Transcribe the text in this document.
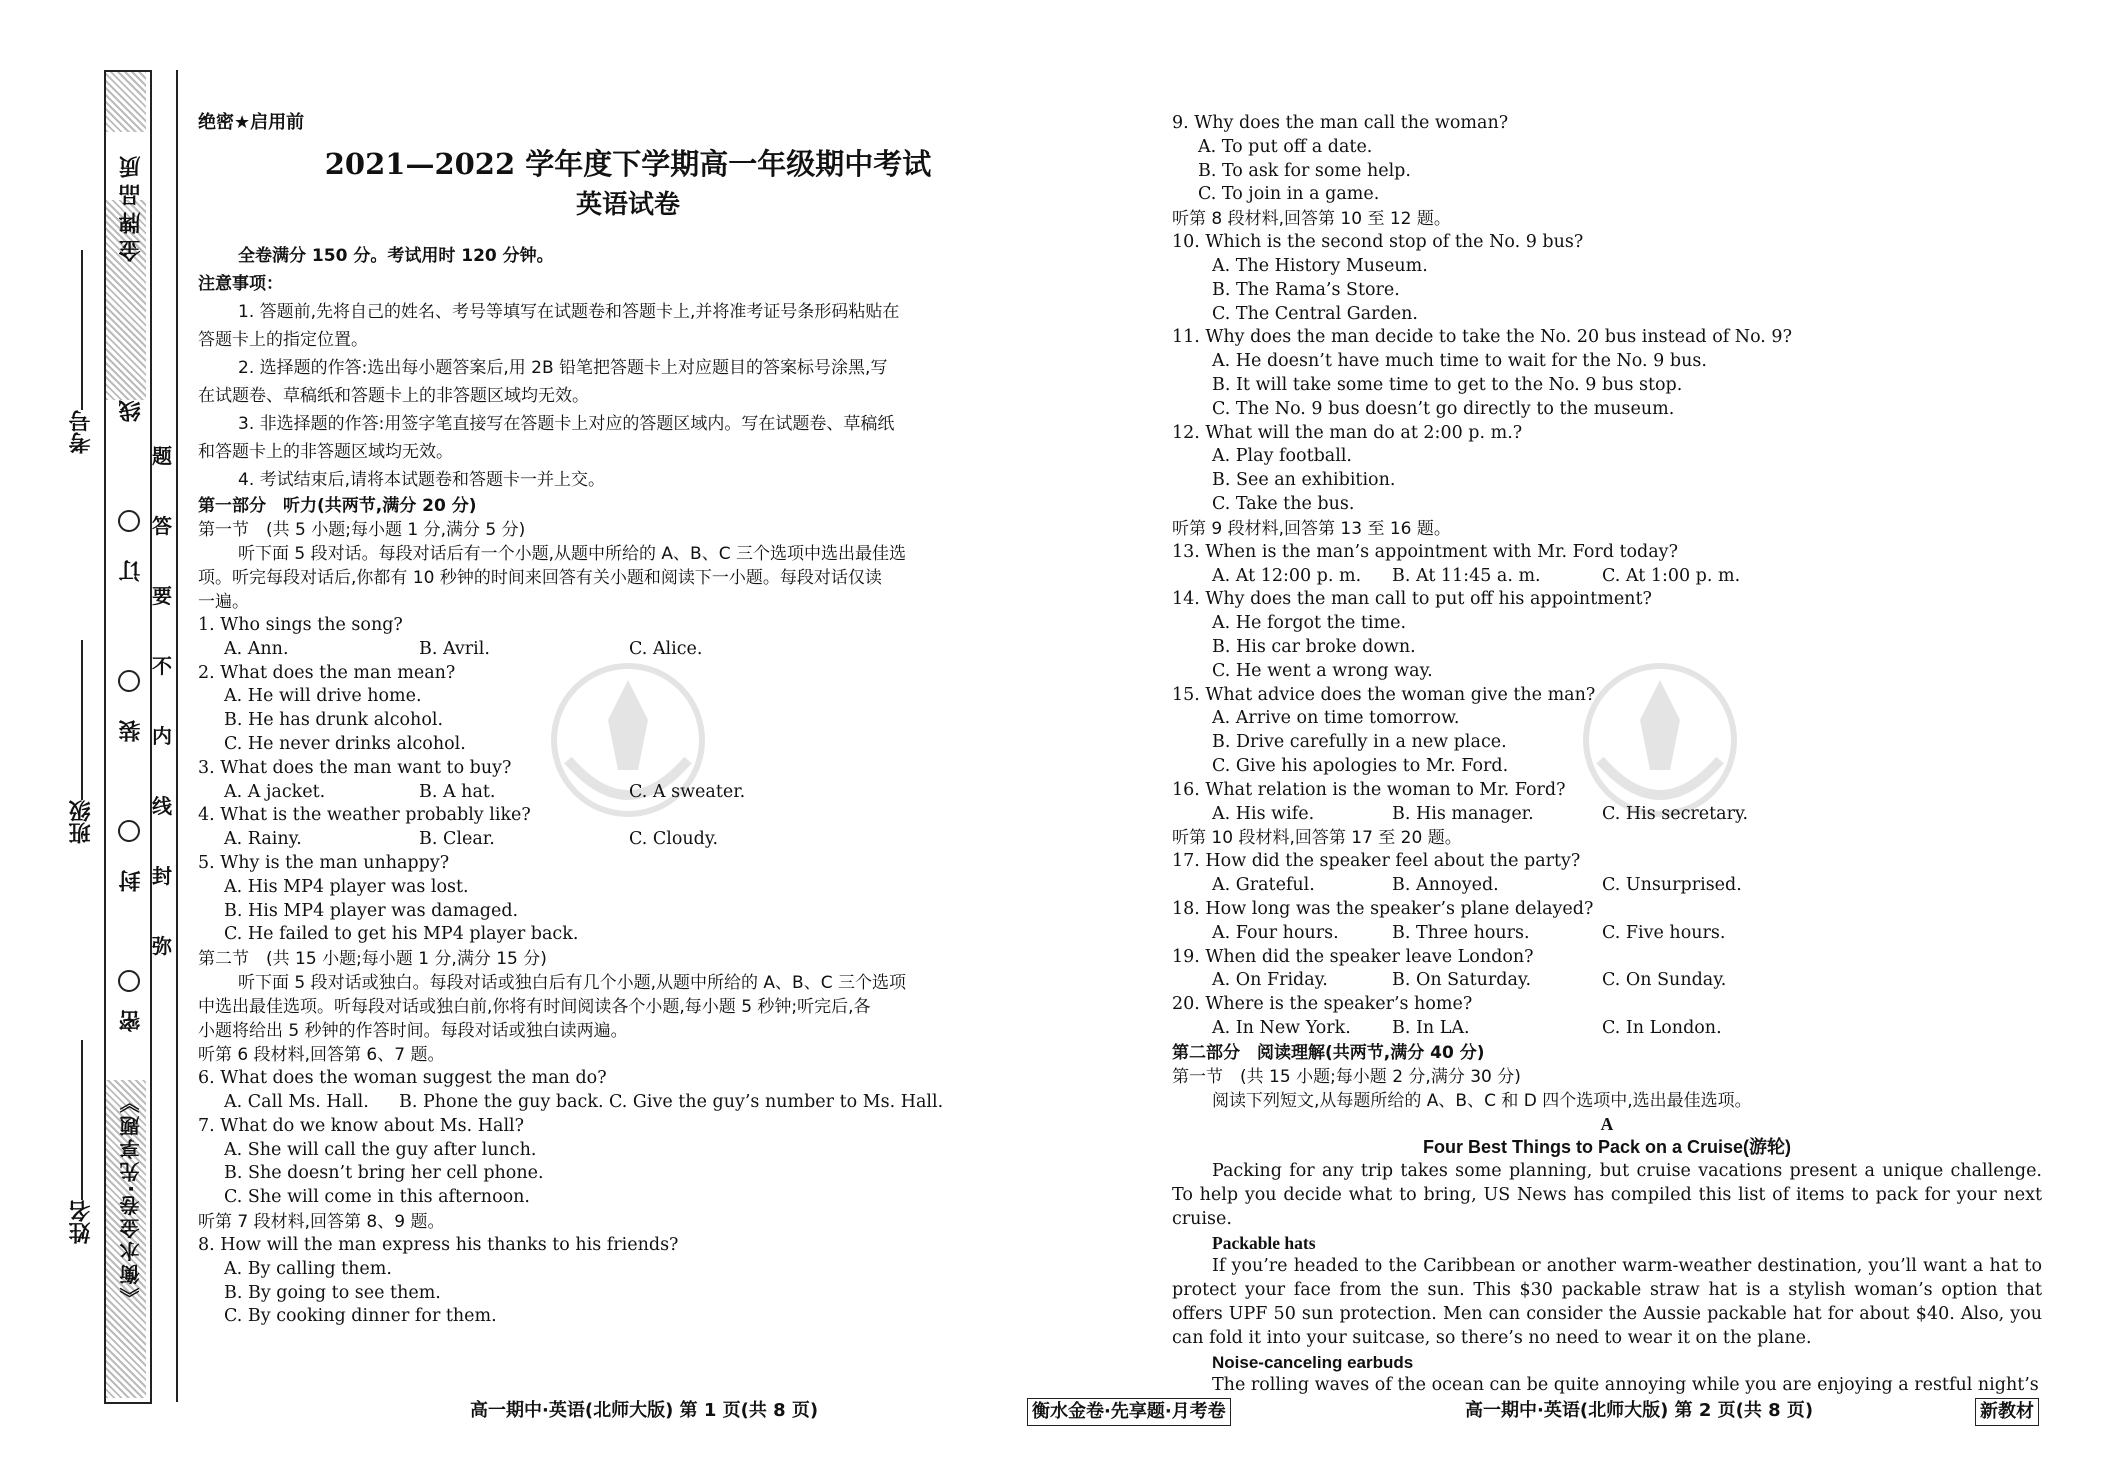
金牌品质
《衡水金卷·先享题》
考号
班级
姓名
线
订
装
封
密
题
答
要
不
内
线
封
弥
绝密★启用前
2021—2022 学年度下学期高一年级期中考试
英语试卷
全卷满分 150 分。考试用时 120 分钟。
注意事项：
1. 答题前,先将自己的姓名、考号等填写在试题卷和答题卡上,并将准考证号条形码粘贴在
答题卡上的指定位置。
2. 选择题的作答:选出每小题答案后,用 2B 铅笔把答题卡上对应题目的答案标号涂黑,写
在试题卷、草稿纸和答题卡上的非答题区域均无效。
3. 非选择题的作答:用签字笔直接写在答题卡上对应的答题区域内。写在试题卷、草稿纸
和答题卡上的非答题区域均无效。
4. 考试结束后,请将本试题卷和答题卡一并上交。
第一部分　听力(共两节,满分 20 分)
第一节　(共 5 小题;每小题 1 分,满分 5 分)
听下面 5 段对话。每段对话后有一个小题,从题中所给的 A、B、C 三个选项中选出最佳选
项。听完每段对话后,你都有 10 秒钟的时间来回答有关小题和阅读下一小题。每段对话仅读
一遍。
1. Who sings the song?
A. Ann.	B. Avril.	C. Alice.
2. What does the man mean?
A. He will drive home.
B. He has drunk alcohol.
C. He never drinks alcohol.
3. What does the man want to buy?
A. A jacket.	B. A hat.	C. A sweater.
4. What is the weather probably like?
A. Rainy.	B. Clear.	C. Cloudy.
5. Why is the man unhappy?
A. His MP4 player was lost.
B. His MP4 player was damaged.
C. He failed to get his MP4 player back.
第二节　(共 15 小题;每小题 1 分,满分 15 分)
听下面 5 段对话或独白。每段对话或独白后有几个小题,从题中所给的 A、B、C 三个选项
中选出最佳选项。听每段对话或独白前,你将有时间阅读各个小题,每小题 5 秒钟;听完后,各
小题将给出 5 秒钟的作答时间。每段对话或独白读两遍。
听第 6 段材料,回答第 6、7 题。
6. What does the woman suggest the man do?
A. Call Ms. Hall.	B. Phone the guy back. C. Give the guy’s number to Ms. Hall.
7. What do we know about Ms. Hall?
A. She will call the guy after lunch.
B. She doesn’t bring her cell phone.
C. She will come in this afternoon.
听第 7 段材料,回答第 8、9 题。
8. How will the man express his thanks to his friends?
A. By calling them.
B. By going to see them.
C. By cooking dinner for them.
9. Why does the man call the woman?
A. To put off a date.
B. To ask for some help.
C. To join in a game.
听第 8 段材料,回答第 10 至 12 题。
10. Which is the second stop of the No. 9 bus?
A. The History Museum.
B. The Rama’s Store.
C. The Central Garden.
11. Why does the man decide to take the No. 20 bus instead of No. 9?
A. He doesn’t have much time to wait for the No. 9 bus.
B. It will take some time to get to the No. 9 bus stop.
C. The No. 9 bus doesn’t go directly to the museum.
12. What will the man do at 2:00 p. m.?
A. Play football.
B. See an exhibition.
C. Take the bus.
听第 9 段材料,回答第 13 至 16 题。
13. When is the man’s appointment with Mr. Ford today?
A. At 12:00 p. m.	B. At 11:45 a. m.	C. At 1:00 p. m.
14. Why does the man call to put off his appointment?
A. He forgot the time.
B. His car broke down.
C. He went a wrong way.
15. What advice does the woman give the man?
A. Arrive on time tomorrow.
B. Drive carefully in a new place.
C. Give his apologies to Mr. Ford.
16. What relation is the woman to Mr. Ford?
A. His wife.	B. His manager.	C. His secretary.
听第 10 段材料,回答第 17 至 20 题。
17. How did the speaker feel about the party?
A. Grateful.	B. Annoyed.	C. Unsurprised.
18. How long was the speaker’s plane delayed?
A. Four hours.	B. Three hours.	C. Five hours.
19. When did the speaker leave London?
A. On Friday.	B. On Saturday.	C. On Sunday.
20. Where is the speaker’s home?
A. In New York.	B. In LA.	C. In London.
第二部分　阅读理解(共两节,满分 40 分)
第一节　(共 15 小题;每小题 2 分,满分 30 分)
阅读下列短文,从每题所给的 A、B、C 和 D 四个选项中,选出最佳选项。
A
Four Best Things to Pack on a Cruise(游轮)
Packing for any trip takes some planning, but cruise vacations present a unique challenge. To help you decide what to bring, US News has compiled this list of items to pack for your next cruise.
Packable hats
If you’re headed to the Caribbean or another warm-weather destination, you’ll want a hat to protect your face from the sun. This $30 packable straw hat is a stylish woman’s option that offers UPF 50 sun protection. Men can consider the Aussie packable hat for about $40. Also, you can fold it into your suitcase, so there’s no need to wear it on the plane.
Noise-canceling earbuds
The rolling waves of the ocean can be quite annoying while you are enjoying a restful night’s
高一期中·英语(北师大版) 第 1 页(共 8 页)	衡水金卷·先享题·月考卷	高一期中·英语(北师大版) 第 2 页(共 8 页)	新教材
